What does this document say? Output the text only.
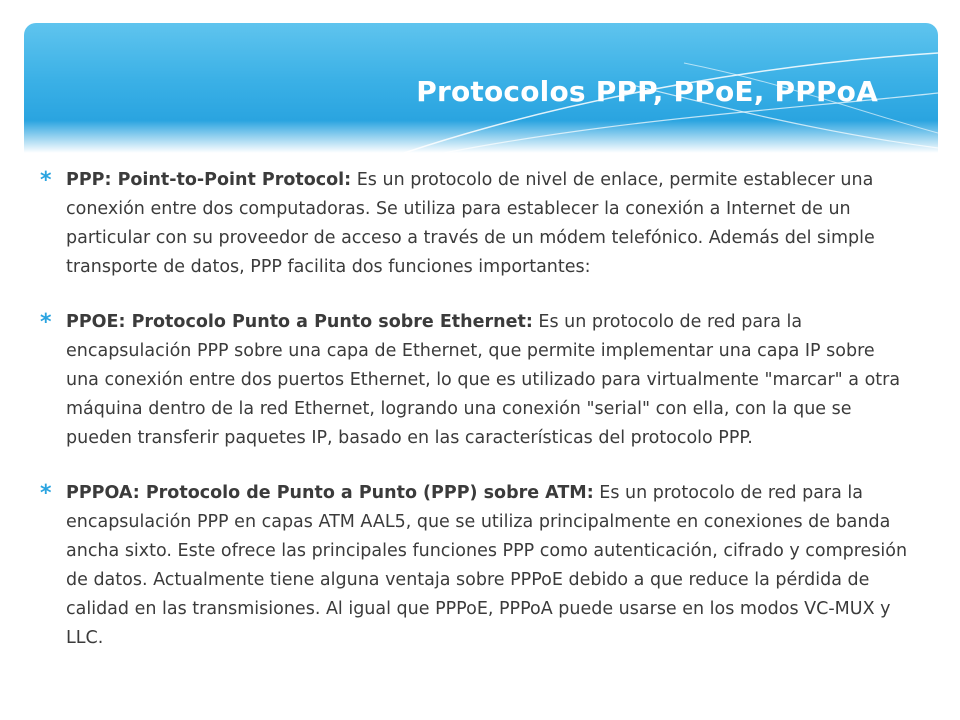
Protocolos PPP, PPoE, PPPoA
* PPP: Point-to-Point Protocol: Es un protocolo de nivel de enlace, permite establecer una conexión entre dos computadoras. Se utiliza para establecer la conexión a Internet de un particular con su proveedor de acceso a través de un módem telefónico. Además del simple transporte de datos, PPP facilita dos funciones importantes:
* PPOE: Protocolo Punto a Punto sobre Ethernet: Es un protocolo de red para la encapsulación PPP sobre una capa de Ethernet, que permite implementar una capa IP sobre una conexión entre dos puertos Ethernet, lo que es utilizado para virtualmente "marcar" a otra máquina dentro de la red Ethernet, logrando una conexión "serial" con ella, con la que se pueden transferir paquetes IP, basado en las características del protocolo PPP.
* PPPOA: Protocolo de Punto a Punto (PPP) sobre ATM: Es un protocolo de red para la encapsulación PPP en capas ATM AAL5, que se utiliza principalmente en conexiones de banda ancha sixto. Este ofrece las principales funciones PPP como autenticación, cifrado y compresión de datos. Actualmente tiene alguna ventaja sobre PPPoE debido a que reduce la pérdida de calidad en las transmisiones. Al igual que PPPoE, PPPoA puede usarse en los modos VC-MUX y LLC.
